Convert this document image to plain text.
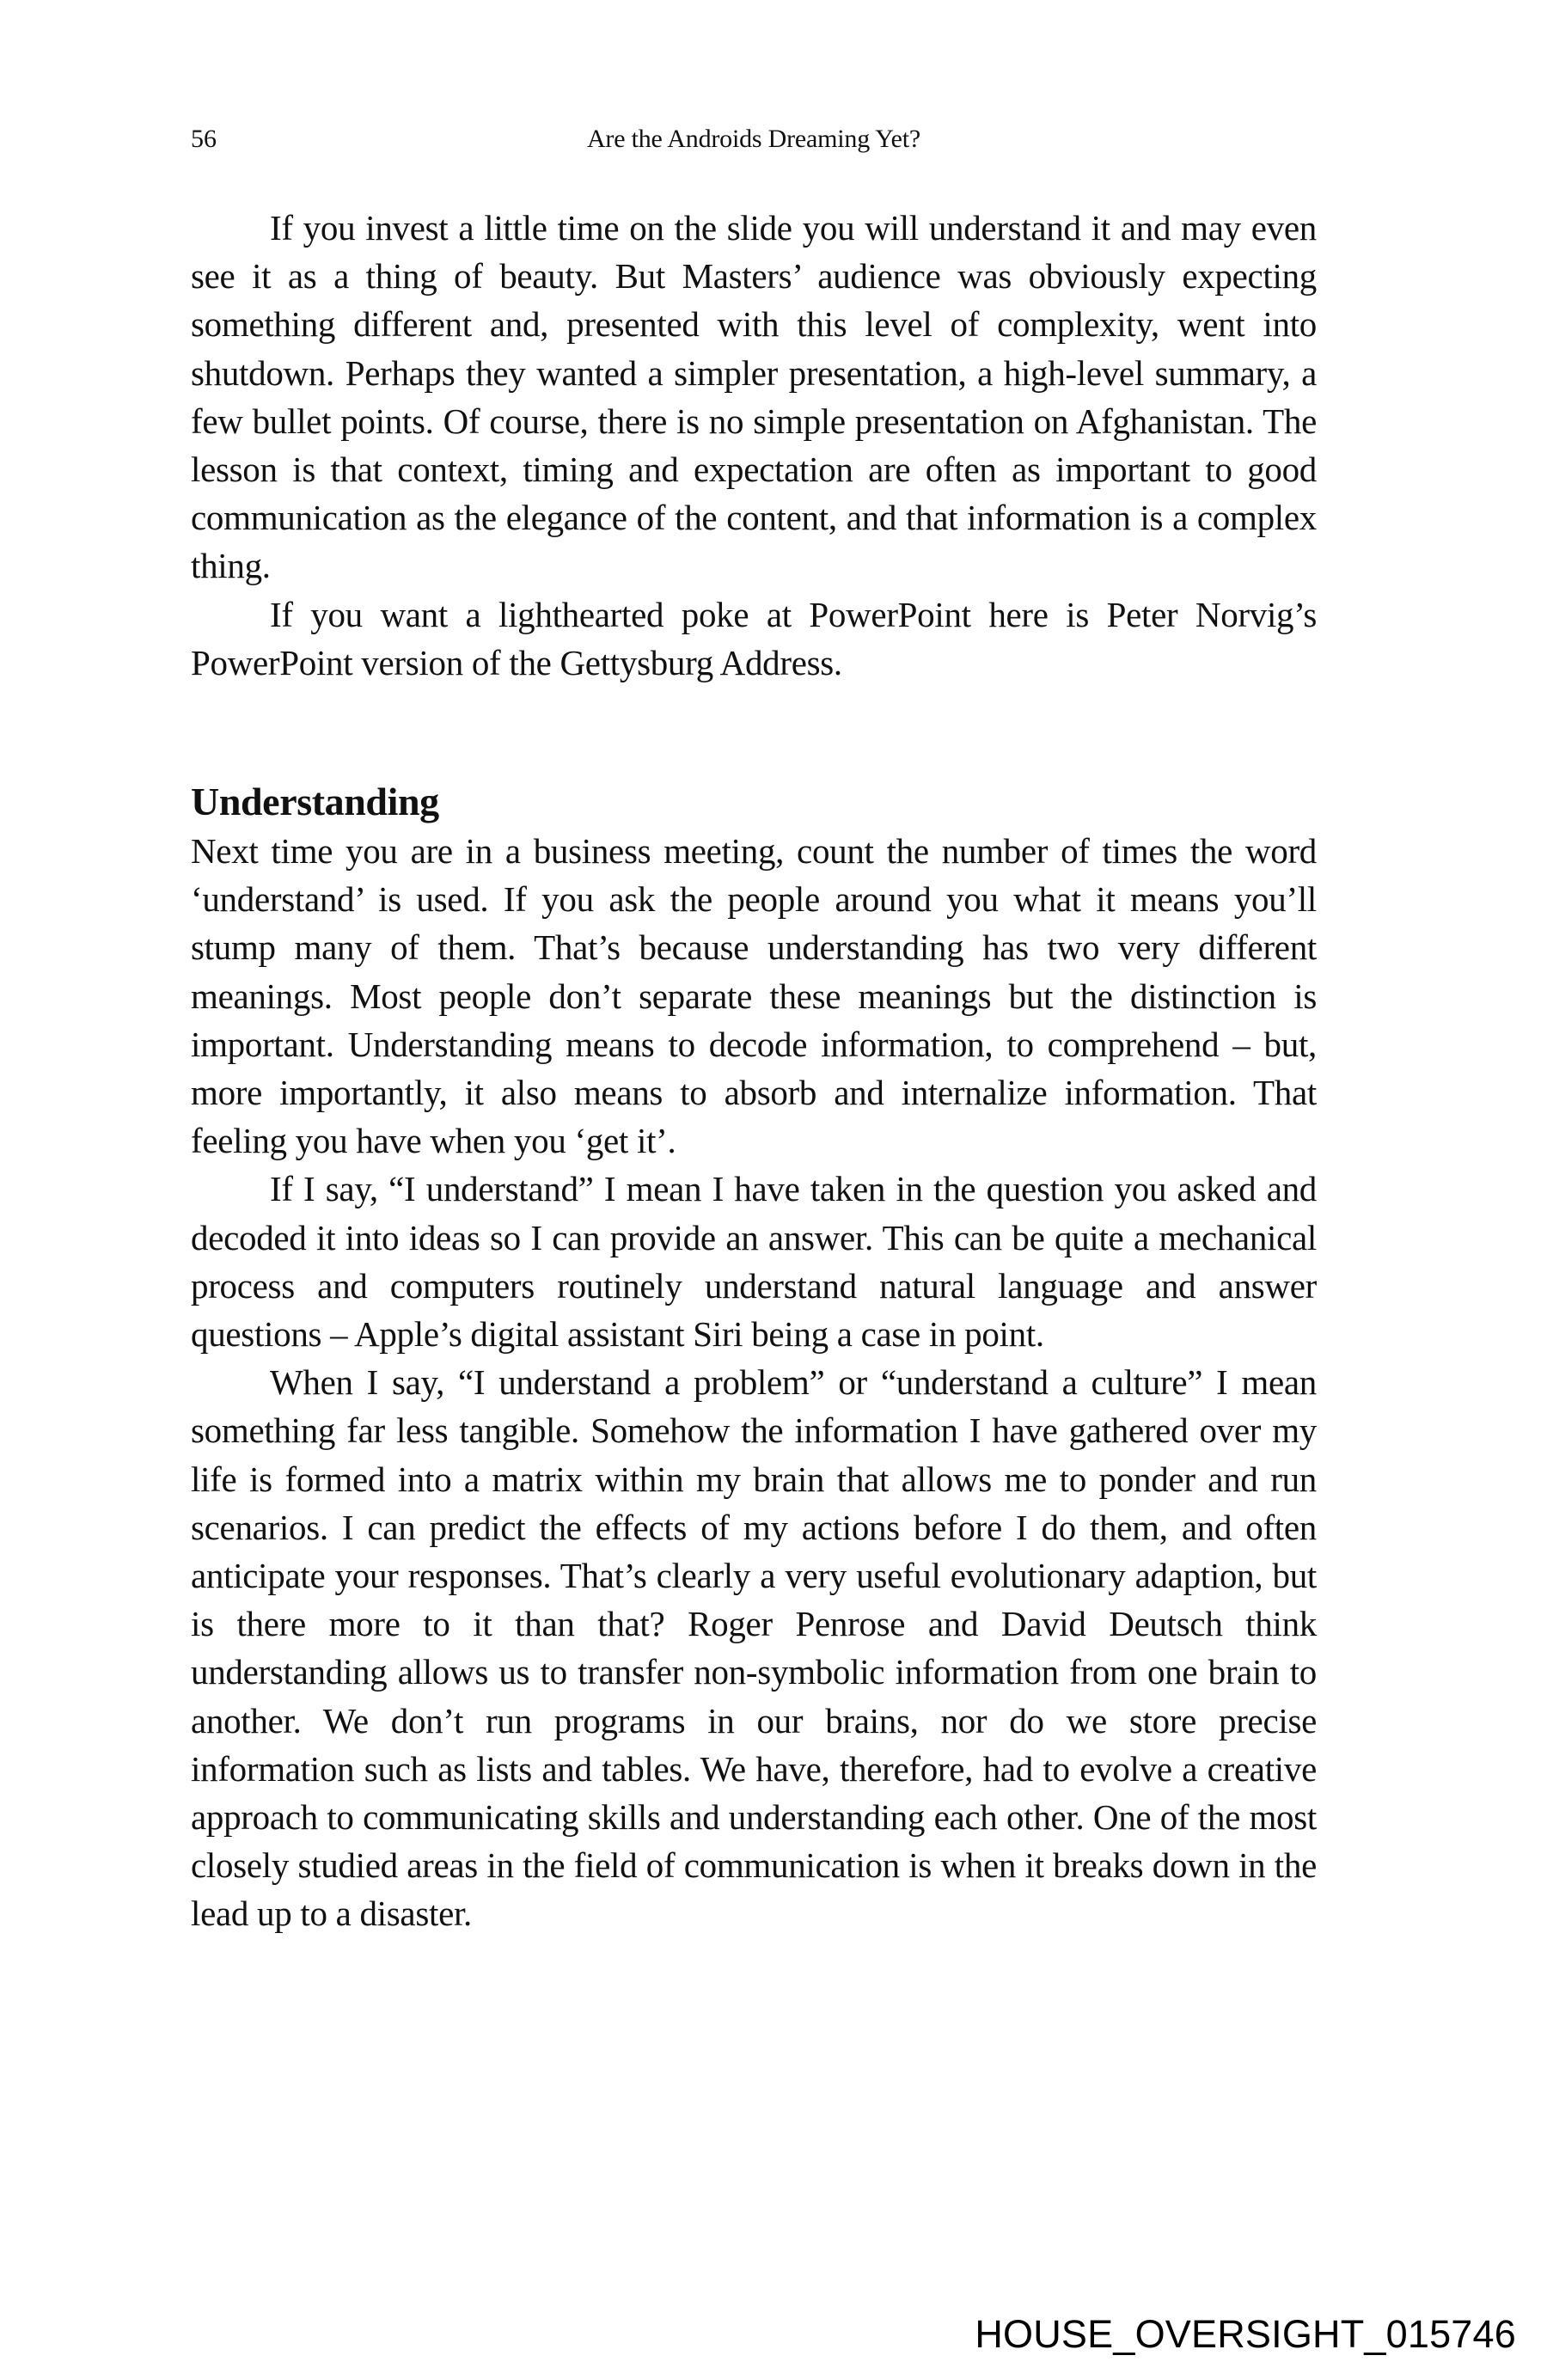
56	Are the Androids Dreaming Yet?

If you invest a little time on the slide you will understand it and may even see it as a thing of beauty. But Masters’ audience was obviously expecting something different and, presented with this level of complexity, went into shutdown. Perhaps they wanted a simpler presentation, a high-level summary, a few bullet points. Of course, there is no simple presentation on Afghanistan. The lesson is that context, timing and expectation are often as important to good communication as the elegance of the content, and that information is a complex thing.

If you want a lighthearted poke at PowerPoint here is Peter Norvig’s PowerPoint version of the Gettysburg Address.

Understanding

Next time you are in a business meeting, count the number of times the word ‘understand’ is used. If you ask the people around you what it means you’ll stump many of them. That’s because understanding has two very different meanings. Most people don’t separate these meanings but the distinction is important. Understanding means to decode information, to comprehend – but, more importantly, it also means to absorb and internalize information. That feeling you have when you ‘get it’.

If I say, “I understand” I mean I have taken in the question you asked and decoded it into ideas so I can provide an answer. This can be quite a mechanical process and computers routinely understand natural language and answer questions – Apple’s digital assistant Siri being a case in point.

When I say, “I understand a problem” or “understand a culture” I mean something far less tangible. Somehow the information I have gathered over my life is formed into a matrix within my brain that allows me to ponder and run scenarios. I can predict the effects of my actions before I do them, and often anticipate your responses. That’s clearly a very useful evolutionary adaption, but is there more to it than that? Roger Penrose and David Deutsch think understanding allows us to transfer non-symbolic information from one brain to another. We don’t run programs in our brains, nor do we store precise information such as lists and tables. We have, therefore, had to evolve a creative approach to communicating skills and understanding each other. One of the most closely studied areas in the field of communication is when it breaks down in the lead up to a disaster.

HOUSE_OVERSIGHT_015746
